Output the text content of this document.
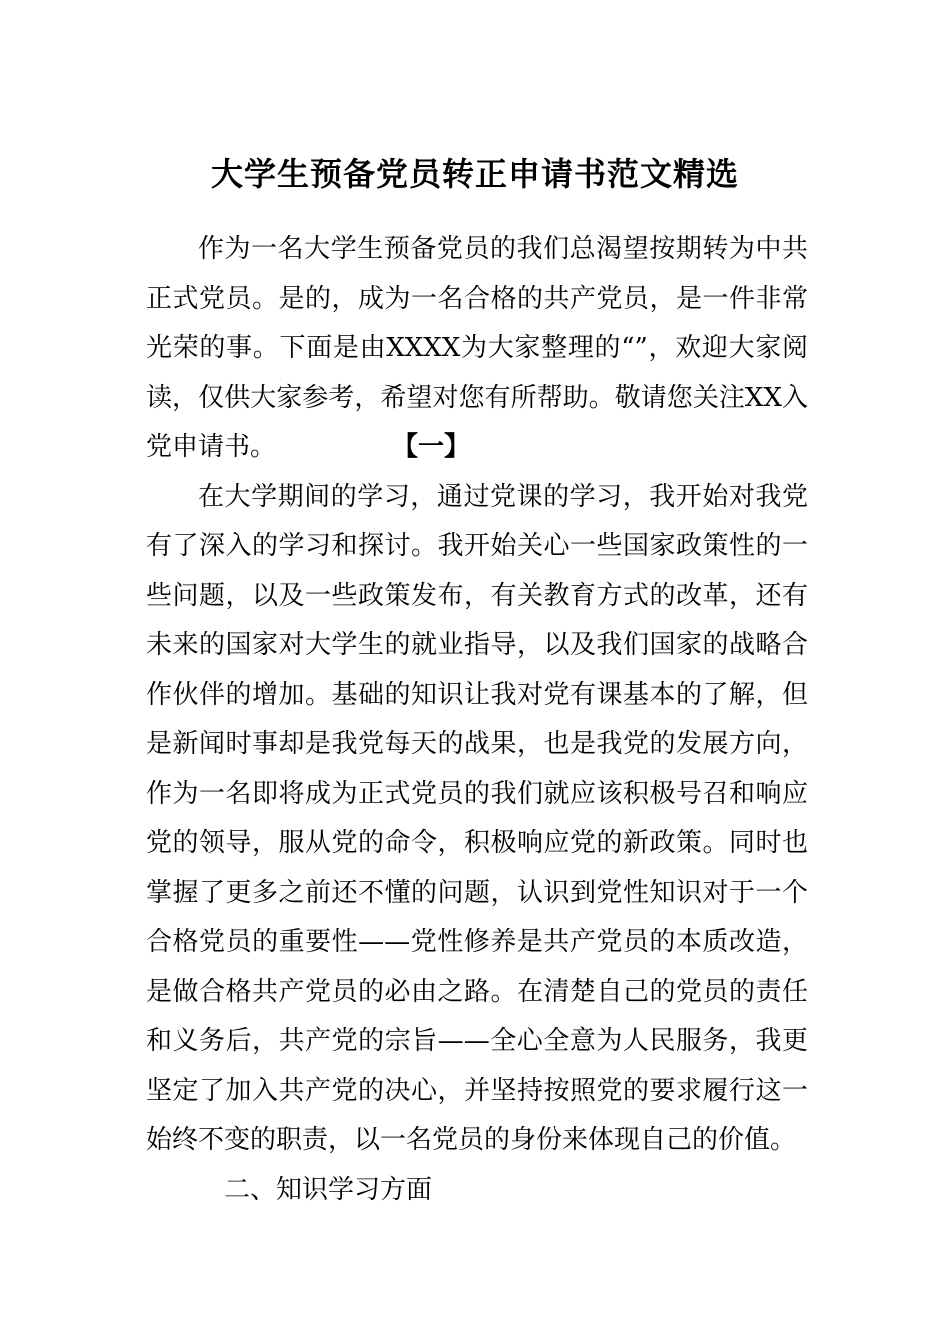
大学生预备党员转正申请书范文精选

作为一名大学生预备党员的我们总渴望按期转为中共正式党员。是的，成为一名合格的共产党员，是一件非常光荣的事。下面是由XXXX为大家整理的“”，欢迎大家阅读，仅供大家参考，希望对您有所帮助。敬请您关注XX入党申请书。	【一】

在大学期间的学习，通过党课的学习，我开始对我党有了深入的学习和探讨。我开始关心一些国家政策性的一些问题，以及一些政策发布，有关教育方式的改革，还有未来的国家对大学生的就业指导，以及我们国家的战略合作伙伴的增加。基础的知识让我对党有课基本的了解，但是新闻时事却是我党每天的战果，也是我党的发展方向，作为一名即将成为正式党员的我们就应该积极号召和响应党的领导，服从党的命令，积极响应党的新政策。同时也掌握了更多之前还不懂的问题，认识到党性知识对于一个合格党员的重要性——党性修养是共产党员的本质改造，是做合格共产党员的必由之路。在清楚自己的党员的责任和义务后，共产党的宗旨——全心全意为人民服务，我更坚定了加入共产党的决心，并坚持按照党的要求履行这一始终不变的职责，以一名党员的身份来体现自己的价值。

二、知识学习方面
